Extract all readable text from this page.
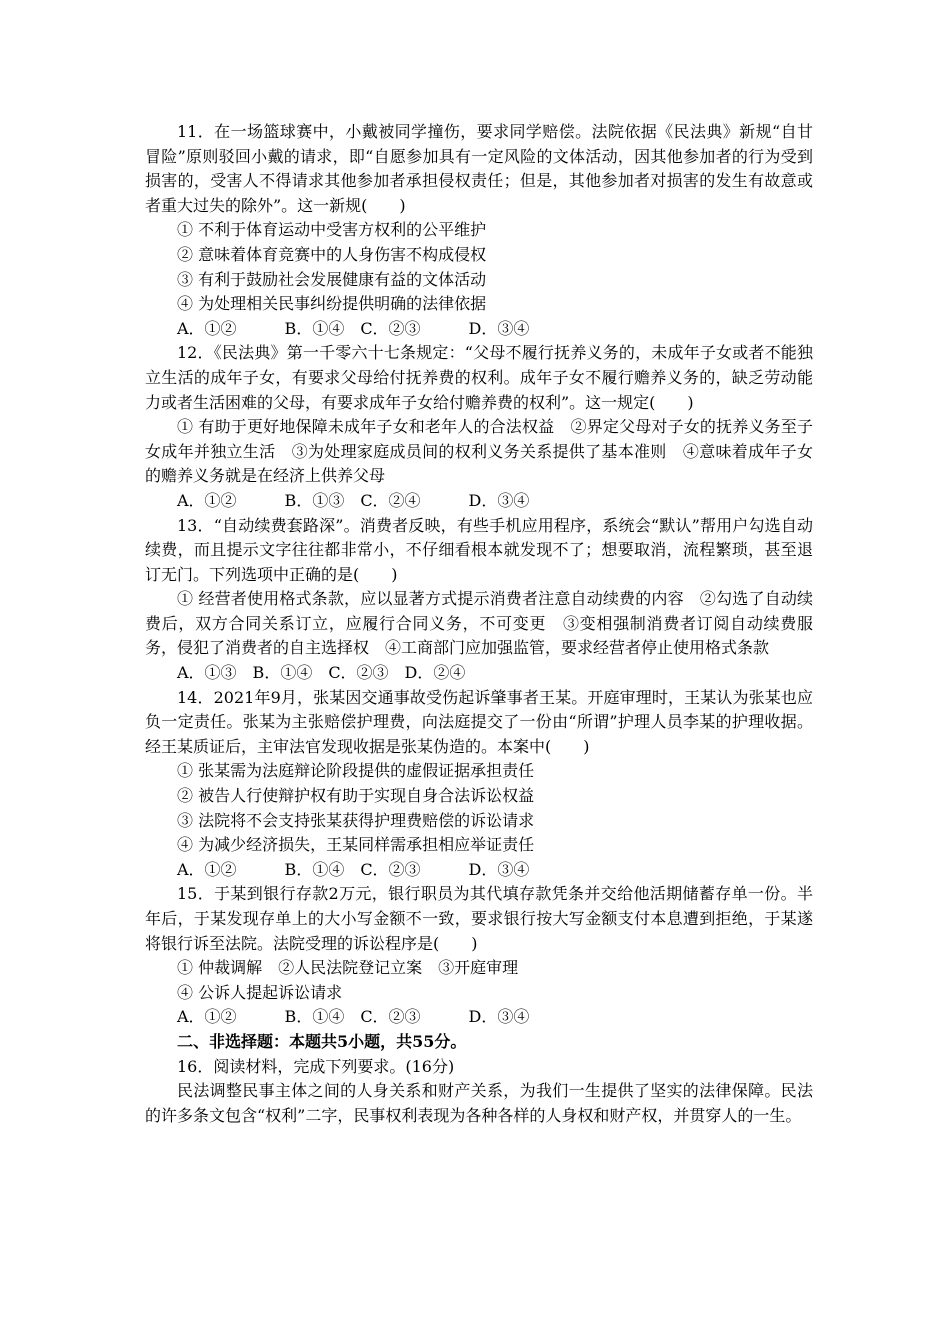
11．在一场篮球赛中，小戴被同学撞伤，要求同学赔偿。法院依据《民法典》新规“自甘冒险”原则驳回小戴的请求，即“自愿参加具有一定风险的文体活动，因其他参加者的行为受到损害的，受害人不得请求其他参加者承担侵权责任；但是，其他参加者对损害的发生有故意或者重大过失的除外”。这一新规(　　)

① 不利于体育运动中受害方权利的公平维护

② 意味着体育竞赛中的人身伤害不构成侵权

③ 有利于鼓励社会发展健康有益的文体活动

④ 为处理相关民事纠纷提供明确的法律依据

A．①②　　　B．①④　C．②③　　　D．③④

12．《民法典》第一千零六十七条规定：“父母不履行抚养义务的，未成年子女或者不能独立生活的成年子女，有要求父母给付抚养费的权利。成年子女不履行赡养义务的，缺乏劳动能力或者生活困难的父母，有要求成年子女给付赡养费的权利”。这一规定(　　)

① 有助于更好地保障未成年子女和老年人的合法权益　②界定父母对子女的抚养义务至子女成年并独立生活　③为处理家庭成员间的权利义务关系提供了基本准则　④意味着成年子女的赡养义务就是在经济上供养父母

A．①②　　　B．①③　C．②④　　　D．③④

13．“自动续费套路深”。消费者反映，有些手机应用程序，系统会“默认”帮用户勾选自动续费，而且提示文字往往都非常小，不仔细看根本就发现不了；想要取消，流程繁琐，甚至退订无门。下列选项中正确的是(　　)

① 经营者使用格式条款，应以显著方式提示消费者注意自动续费的内容　②勾选了自动续费后，双方合同关系订立，应履行合同义务，不可变更　③变相强制消费者订阅自动续费服务，侵犯了消费者的自主选择权　④工商部门应加强监管，要求经营者停止使用格式条款

A．①③　B．①④　C．②③　D．②④

14．2021年9月，张某因交通事故受伤起诉肇事者王某。开庭审理时，王某认为张某也应负一定责任。张某为主张赔偿护理费，向法庭提交了一份由“所谓”护理人员李某的护理收据。经王某质证后，主审法官发现收据是张某伪造的。本案中(　　)

① 张某需为法庭辩论阶段提供的虚假证据承担责任

② 被告人行使辩护权有助于实现自身合法诉讼权益

③ 法院将不会支持张某获得护理费赔偿的诉讼请求

④ 为减少经济损失，王某同样需承担相应举证责任

A．①②　　　B．①④　C．②③　　　D．③④

15．于某到银行存款2万元，银行职员为其代填存款凭条并交给他活期储蓄存单一份。半年后，于某发现存单上的大小写金额不一致，要求银行按大写金额支付本息遭到拒绝，于某遂将银行诉至法院。法院受理的诉讼程序是(　　)

① 仲裁调解　②人民法院登记立案　③开庭审理

④ 公诉人提起诉讼请求

A．①②　　　B．①④　C．②③　　　D．③④

二、非选择题：本题共5小题，共55分。

16．阅读材料，完成下列要求。(16分)

民法调整民事主体之间的人身关系和财产关系，为我们一生提供了坚实的法律保障。民法的许多条文包含“权利”二字，民事权利表现为各种各样的人身权和财产权，并贯穿人的一生。
